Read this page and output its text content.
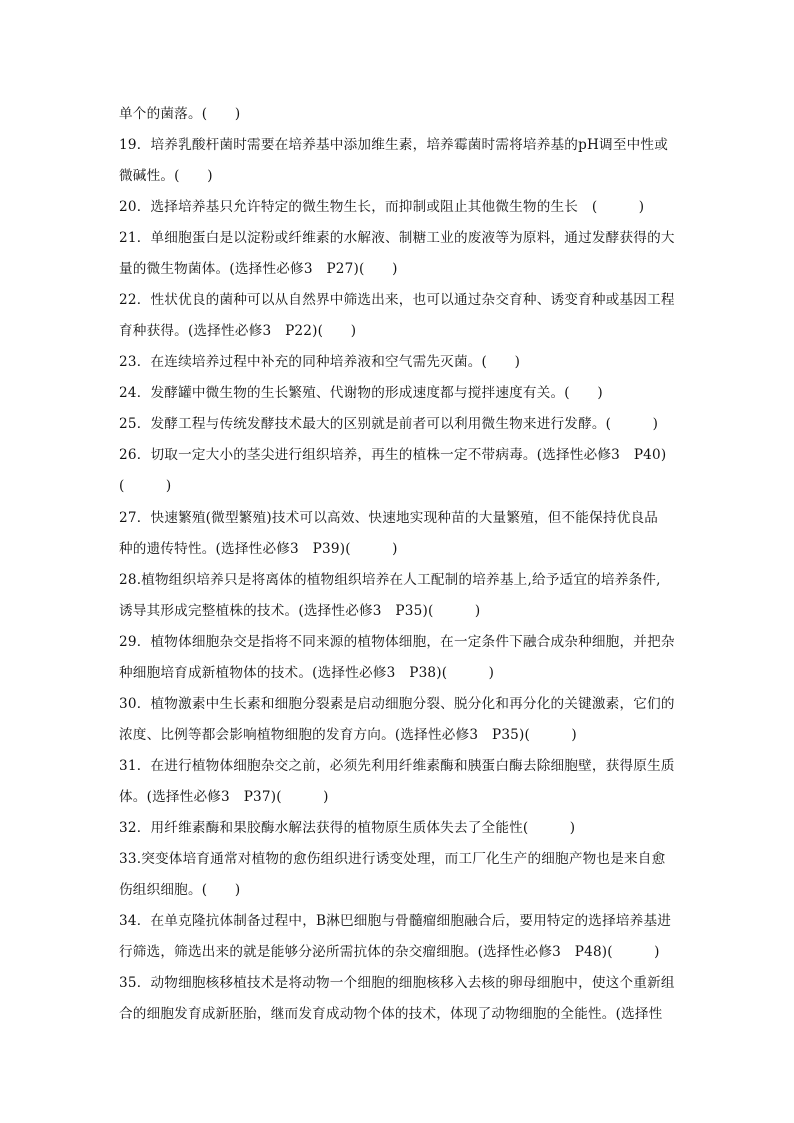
单个的菌落。(　　)
19．培养乳酸杆菌时需要在培养基中添加维生素，培养霉菌时需将培养基的pH调至中性或
微碱性。(　　)
20．选择培养基只允许特定的微生物生长，而抑制或阻止其他微生物的生长　(　　　)
21．单细胞蛋白是以淀粉或纤维素的水解液、制糖工业的废液等为原料，通过发酵获得的大
量的微生物菌体。(选择性必修3　P27)(　　)
22．性状优良的菌种可以从自然界中筛选出来，也可以通过杂交育种、诱变育种或基因工程
育种获得。(选择性必修3　P22)(　　)
23．在连续培养过程中补充的同种培养液和空气需先灭菌。(　　)
24．发酵罐中微生物的生长繁殖、代谢物的形成速度都与搅拌速度有关。(　　)
25．发酵工程与传统发酵技术最大的区别就是前者可以利用微生物来进行发酵。(　　　)
26．切取一定大小的茎尖进行组织培养，再生的植株一定不带病毒。(选择性必修3　P40)
(　　　)
27．快速繁殖(微型繁殖)技术可以高效、快速地实现种苗的大量繁殖，但不能保持优良品
种的遗传特性。(选择性必修3　P39)(　　　)
28.植物组织培养只是将离体的植物组织培养在人工配制的培养基上,给予适宜的培养条件,
诱导其形成完整植株的技术。(选择性必修3　P35)(　　　)
29．植物体细胞杂交是指将不同来源的植物体细胞，在一定条件下融合成杂种细胞，并把杂
种细胞培育成新植物体的技术。(选择性必修3　P38)(　　　)
30．植物激素中生长素和细胞分裂素是启动细胞分裂、脱分化和再分化的关键激素，它们的
浓度、比例等都会影响植物细胞的发育方向。(选择性必修3　P35)(　　　)
31．在进行植物体细胞杂交之前，必须先利用纤维素酶和胰蛋白酶去除细胞壁，获得原生质
体。(选择性必修3　P37)(　　　)
32．用纤维素酶和果胶酶水解法获得的植物原生质体失去了全能性(　　　)
33.突变体培育通常对植物的愈伤组织进行诱变处理，而工厂化生产的细胞产物也是来自愈
伤组织细胞。(　　)
34．在单克隆抗体制备过程中，B淋巴细胞与骨髓瘤细胞融合后，要用特定的选择培养基进
行筛选，筛选出来的就是能够分泌所需抗体的杂交瘤细胞。(选择性必修3　P48)(　　　)
35．动物细胞核移植技术是将动物一个细胞的细胞核移入去核的卵母细胞中，使这个重新组
合的细胞发育成新胚胎，继而发育成动物个体的技术，体现了动物细胞的全能性。(选择性
